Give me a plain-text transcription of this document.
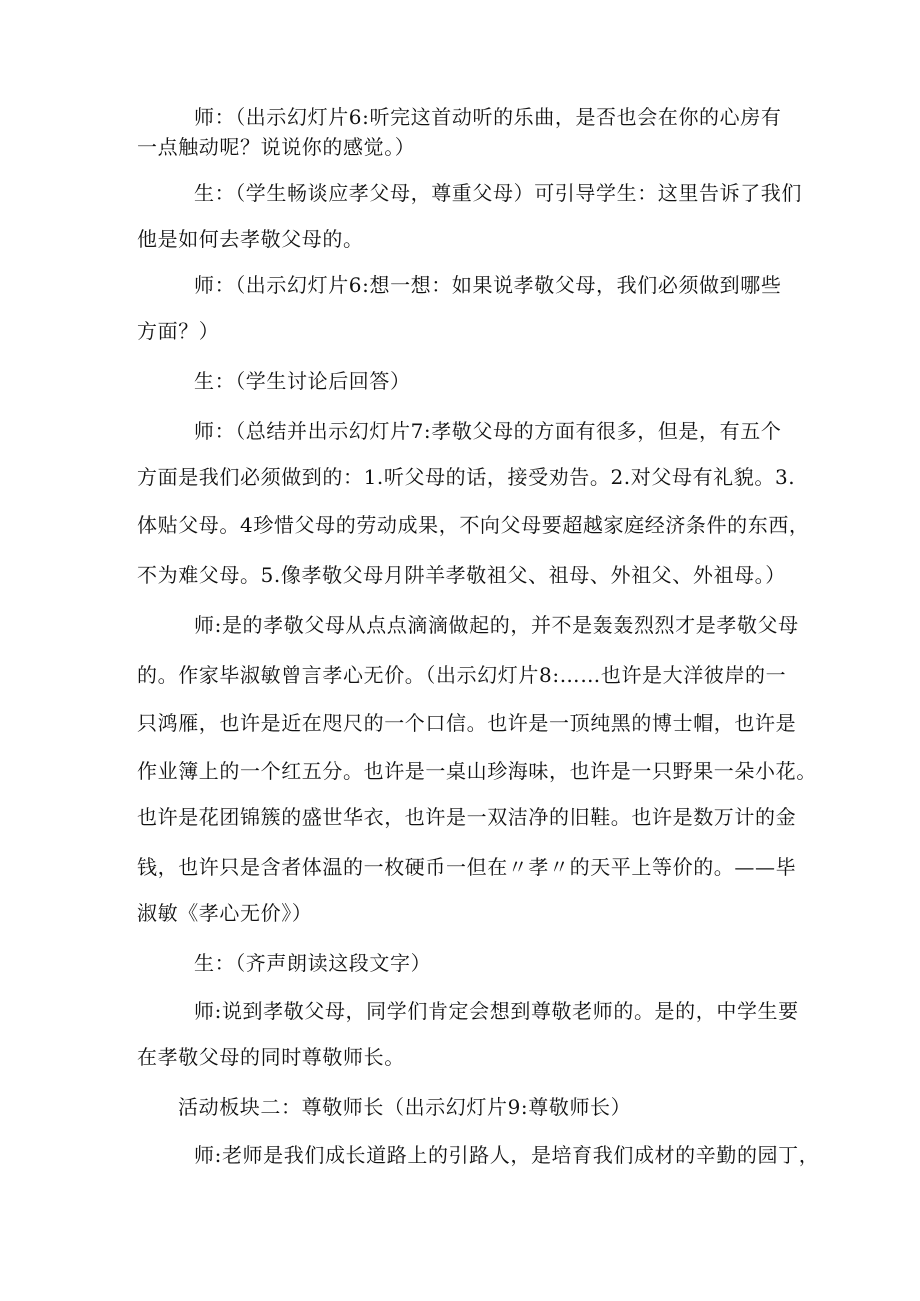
师：（出示幻灯片6:听完这首动听的乐曲，是否也会在你的心房有
一点触动呢？说说你的感觉。）
生：（学生畅谈应孝父母，尊重父母）可引导学生：这里告诉了我们
他是如何去孝敬父母的。
师：（出示幻灯片6:想一想：如果说孝敬父母，我们必须做到哪些
方面？）
生：（学生讨论后回答）
师：（总结并出示幻灯片7:孝敬父母的方面有很多，但是，有五个
方面是我们必须做到的：1.听父母的话，接受劝告。2.对父母有礼貌。3.
体贴父母。4珍惜父母的劳动成果，不向父母要超越家庭经济条件的东西，
不为难父母。5.像孝敬父母月阱羊孝敬祖父、祖母、外祖父、外祖母。）
师:是的孝敬父母从点点滴滴做起的，并不是轰轰烈烈才是孝敬父母
的。作家毕淑敏曾言孝心无价。（出示幻灯片8:……也许是大洋彼岸的一
只鸿雁，也许是近在咫尺的一个口信。也许是一顶纯黑的博士帽，也许是
作业簿上的一个红五分。也许是一桌山珍海味，也许是一只野果一朵小花。
也许是花团锦簇的盛世华衣，也许是一双洁净的旧鞋。也许是数万计的金
钱，也许只是含者体温的一枚硬币一但在〃孝〃的天平上等价的。——毕
淑敏《孝心无价》）
生：（齐声朗读这段文字）
师:说到孝敬父母，同学们肯定会想到尊敬老师的。是的，中学生要
在孝敬父母的同时尊敬师长。
活动板块二：尊敬师长（出示幻灯片9:尊敬师长）
师:老师是我们成长道路上的引路人，是培育我们成材的辛勤的园丁，
